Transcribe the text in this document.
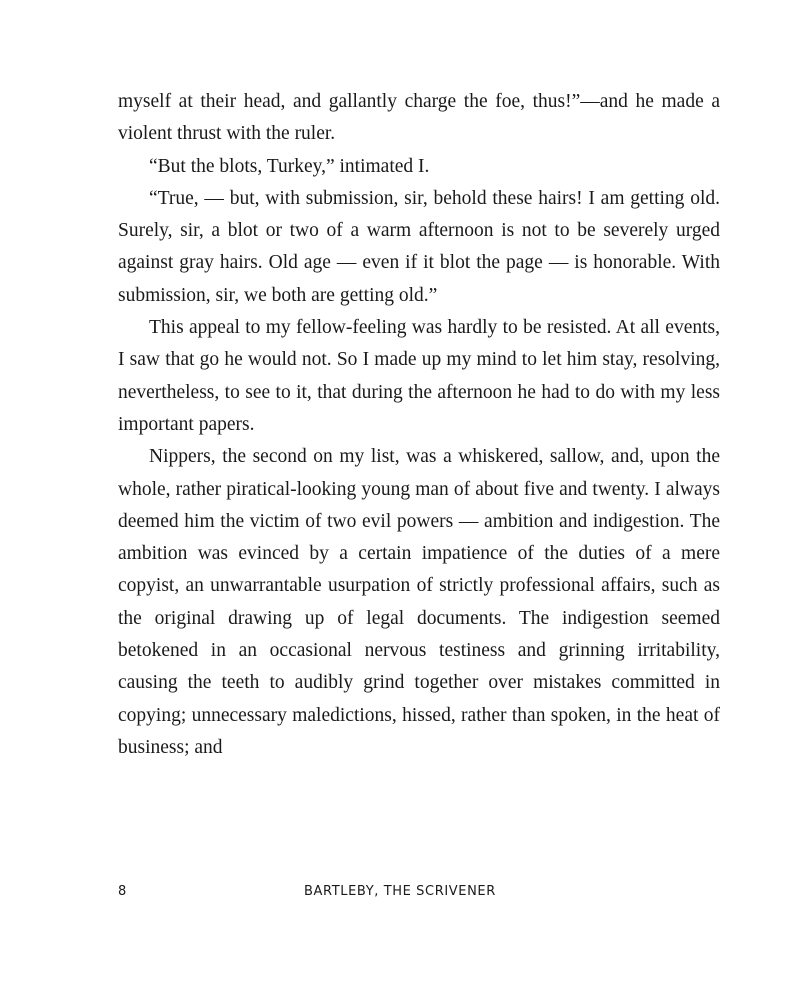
myself at their head, and gallantly charge the foe, thus!”—and he made a violent thrust with the ruler.

“But the blots, Turkey,” intimated I.

“True, — but, with submission, sir, behold these hairs! I am getting old. Surely, sir, a blot or two of a warm afternoon is not to be severely urged against gray hairs. Old age — even if it blot the page — is honorable. With submission, sir, we both are getting old.”

This appeal to my fellow-feeling was hardly to be resisted. At all events, I saw that go he would not. So I made up my mind to let him stay, resolving, nevertheless, to see to it, that during the afternoon he had to do with my less important papers.

Nippers, the second on my list, was a whiskered, sallow, and, upon the whole, rather piratical-looking young man of about five and twenty. I always deemed him the victim of two evil powers — ambition and indigestion. The ambition was evinced by a certain impatience of the duties of a mere copyist, an unwarrantable usurpation of strictly professional affairs, such as the original drawing up of legal documents. The indigestion seemed betokened in an occasional nervous testiness and grinning irritability, causing the teeth to audibly grind together over mistakes committed in copying; unnecessary maledictions, hissed, rather than spoken, in the heat of business; and

8	BARTLEBY, THE SCRIVENER
